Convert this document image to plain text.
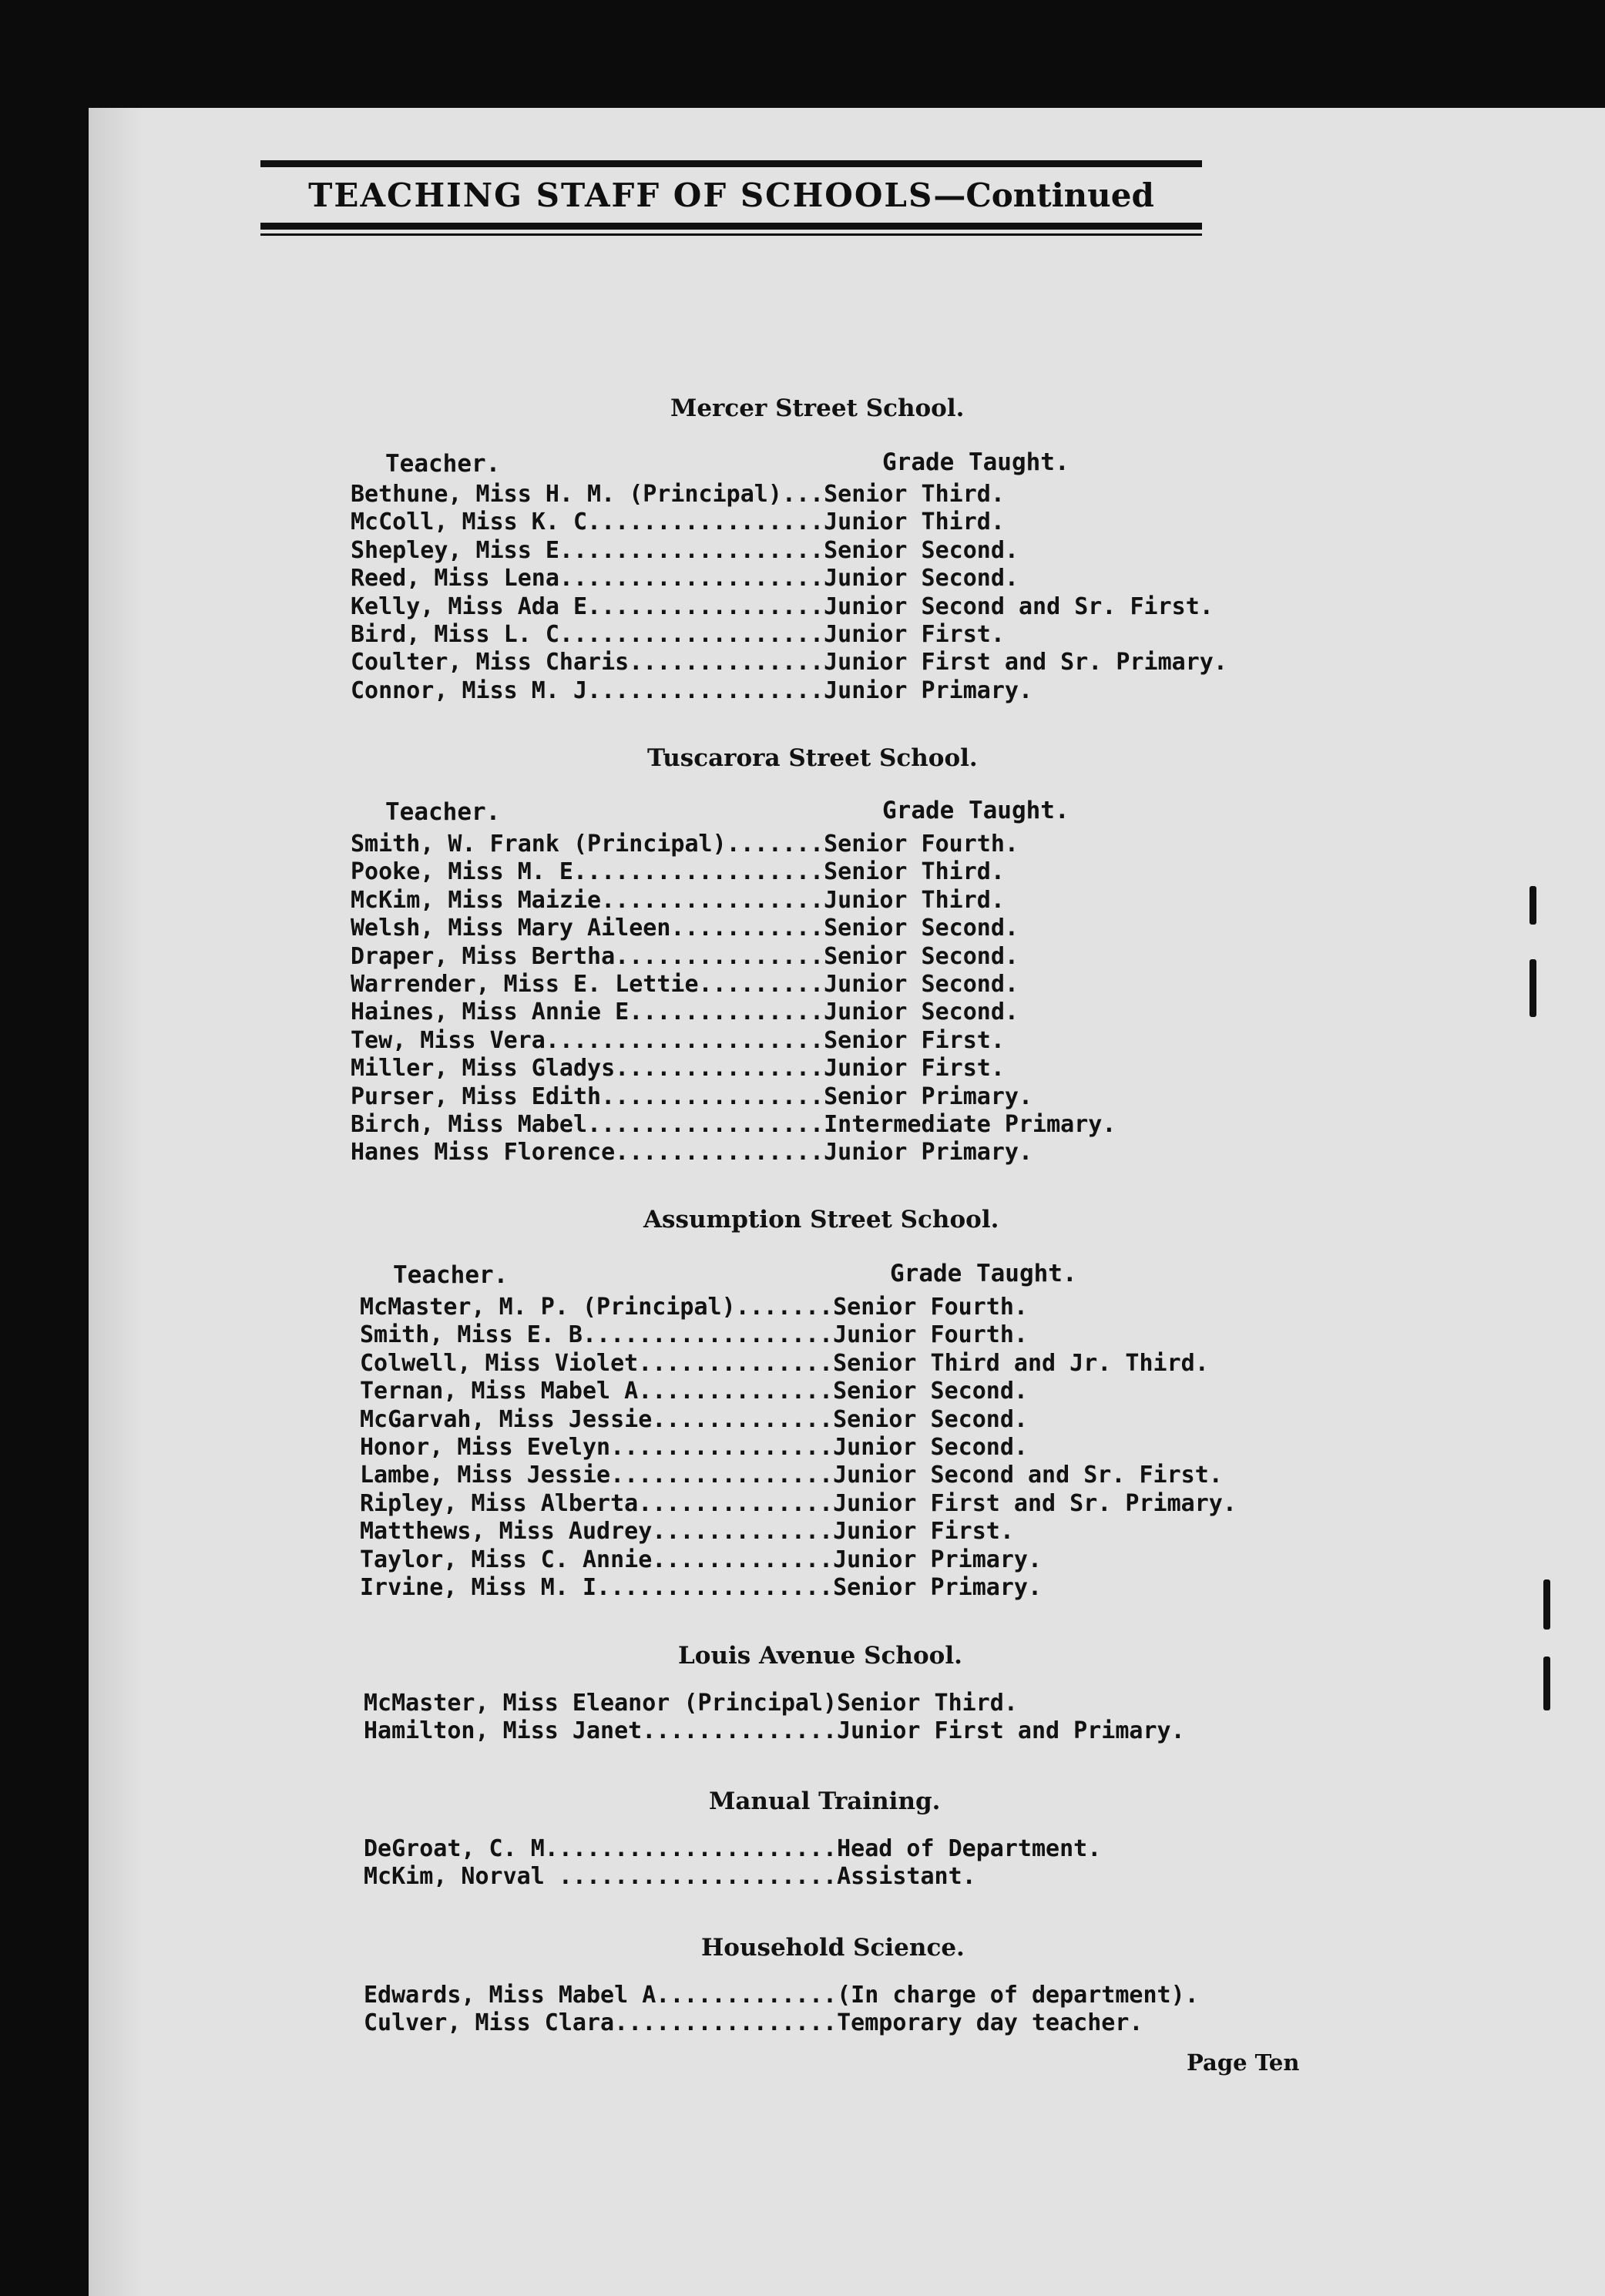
TEACHING STAFF OF SCHOOLS—Continued
Mercer Street School.
Teacher.	Grade Taught.
Bethune, Miss H. M. (Principal)...Senior Third.
McColl, Miss K. C.................Junior Third.
Shepley, Miss E...................Senior Second.
Reed, Miss Lena...................Junior Second.
Kelly, Miss Ada E.................Junior Second and Sr. First.
Bird, Miss L. C...................Junior First.
Coulter, Miss Charis..............Junior First and Sr. Primary.
Connor, Miss M. J.................Junior Primary.
Tuscarora Street School.
Teacher.	Grade Taught.
Smith, W. Frank (Principal).......Senior Fourth.
Pooke, Miss M. E..................Senior Third.
McKim, Miss Maizie................Junior Third.
Welsh, Miss Mary Aileen...........Senior Second.
Draper, Miss Bertha...............Senior Second.
Warrender, Miss E. Lettie.........Junior Second.
Haines, Miss Annie E..............Junior Second.
Tew, Miss Vera....................Senior First.
Miller, Miss Gladys...............Junior First.
Purser, Miss Edith................Senior Primary.
Birch, Miss Mabel.................Intermediate Primary.
Hanes Miss Florence...............Junior Primary.
Assumption Street School.
Teacher.	Grade Taught.
McMaster, M. P. (Principal).......Senior Fourth.
Smith, Miss E. B..................Junior Fourth.
Colwell, Miss Violet..............Senior Third and Jr. Third.
Ternan, Miss Mabel A..............Senior Second.
McGarvah, Miss Jessie.............Senior Second.
Honor, Miss Evelyn................Junior Second.
Lambe, Miss Jessie................Junior Second and Sr. First.
Ripley, Miss Alberta..............Junior First and Sr. Primary.
Matthews, Miss Audrey.............Junior First.
Taylor, Miss C. Annie.............Junior Primary.
Irvine, Miss M. I.................Senior Primary.
Louis Avenue School.
McMaster, Miss Eleanor (Principal)Senior Third.
Hamilton, Miss Janet..............Junior First and Primary.
Manual Training.
DeGroat, C. M.....................Head of Department.
McKim, Norval ....................Assistant.
Household Science.
Edwards, Miss Mabel A.............(In charge of department).
Culver, Miss Clara................Temporary day teacher.
Page Ten
